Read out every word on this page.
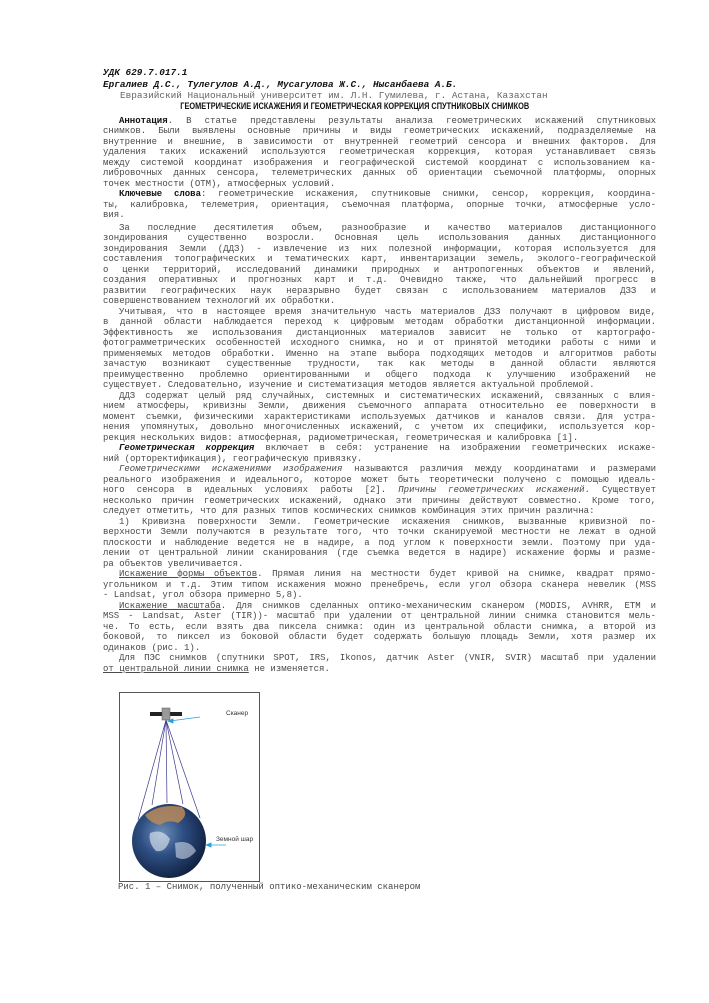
УДК 629.7.017.1
Ергалиев Д.С., Тулегулов А.Д., Мусагулова Ж.С., Нысанбаева А.Б.
Евразийский Национальный университет им. Л.Н. Гумилева, г. Астана, Казахстан
ГЕОМЕТРИЧЕСКИЕ ИСКАЖЕНИЯ И ГЕОМЕТРИЧЕСКАЯ КОРРЕКЦИЯ СПУТНИКОВЫХ СНИМКОВ
Аннотация. В статье представлены результаты анализа геометрических искажений спутниковых
снимков. Были выявлены основные причины и виды геометрических искажений, подразделяемые на
внутренние и внешние, в зависимости от внутренней геометрий сенсора и внешних факторов. Для
удаления таких искажений используются геометрическая коррекция, которая устанавливает связь
между системой координат изображения и географической системой координат с использованием ка-
либровочных данных сенсора, телеметрических данных об ориентации съемочной платформы, опорных
точек местности (ОТМ), атмосферных условий.
Ключевые слова: геометрические искажения, спутниковые снимки, сенсор, коррекция, координа-
ты, калибровка, телеметрия, ориентация, съемочная платформа, опорные точки, атмосферные усло-
вия.
За последние десятилетия объем, разнообразие и качество материалов дистанционного
зондирования существенно возросли. Основная цель использования данных дистанционного
зондирования Земли (ДДЗ) - извлечение из них полезной информации, которая используется для
составления топографических и тематических карт, инвентаризации земель, эколого-географической
о ценки территорий, исследований динамики природных и антропогенных объектов и явлений,
создания оперативных и прогнозных карт и т.д. Очевидно также, что дальнейший прогресс в
развитии географических наук неразрывно будет связан с использованием материалов ДЗЗ и
совершенствованием технологий их обработки.
Учитывая, что в настоящее время значительную часть материалов ДЗЗ получают в цифровом виде,
в данной области наблюдается переход к цифровым методам обработки дистанционной информации.
Эффективность же использования дистанционных материалов зависит не только от картографо-
фотограмметрических особенностей исходного снимка, но и от принятой методики работы с ними и
применяемых методов обработки. Именно на этапе выбора подходящих методов и алгоритмов работы
зачастую возникают существенные трудности, так как методы в данной области являются
преимущественно проблемно ориентированными и общего подхода к улучшению изображений не
существует. Следовательно, изучение и систематизация методов является актуальной проблемой.
ДДЗ содержат целый ряд случайных, системных и систематических искажений, связанных с влия-
нием атмосферы, кривизны Земли, движения съемочного аппарата относительно ее поверхности в
момент съемки, физическими характеристиками используемых датчиков и каналов связи. Для устра-
нения упомянутых, довольно многочисленных искажений, с учетом их специфики, используется кор-
рекция нескольких видов: атмосферная, радиометрическая, геометрическая и калибровка [1].
Геометрическая коррекция включает в себя: устранение на изображении геометрических искаже-
ний (орторектификация), географическую привязку.
Геометрическими искажениями изображения называются различия между координатами и размерами
реального изображения и идеального, которое может быть теоретически получено с помощью идеаль-
ного сенсора в идеальных условиях работы [2]. Причины геометрических искажений. Существует
несколько причин геометрических искажений, однако эти причины действуют совместно. Кроме того,
следует отметить, что для разных типов космических снимков комбинация этих причин различна:
1) Кривизна поверхности Земли. Геометрические искажения снимков, вызванные кривизной по-
верхности Земли получаются в результате того, что точки сканируемой местности не лежат в одной
плоскости и наблюдение ведется не в надире, а под углом к поверхности земли. Поэтому при уда-
лении от центральной линии сканирования (где съемка ведется в надире) искажение формы и разме-
ра объектов увеличивается.
Искажение формы объектов. Прямая линия на местности будет кривой на снимке, квадрат прямо-
угольником и т.д. Этим типом искажения можно пренебречь, если угол обзора сканера невелик (MSS
- Landsat, угол обзора примерно 5,8).
Искажение масштаба. Для снимков сделанных оптико-механическим сканером (MODIS, AVHRR, ETM и
MSS - Landsat, Aster (TIR))- масштаб при удалении от центральной линии снимка становится мель-
че. То есть, если взять два пиксела снимка: один из центральной области снимка, а второй из
боковой, то пиксел из боковой области будет содержать большую площадь Земли, хотя размер их
одинаков (рис. 1).
Для ПЭС снимков (спутники SPOT, IRS, Ikonos, датчик Aster (VNIR, SVIR) масштаб при удалении
от центральной линии снимка не изменяется.
Сканер
Земной шар
Рис. 1 – Снимок, полученный оптико-механическим сканером
